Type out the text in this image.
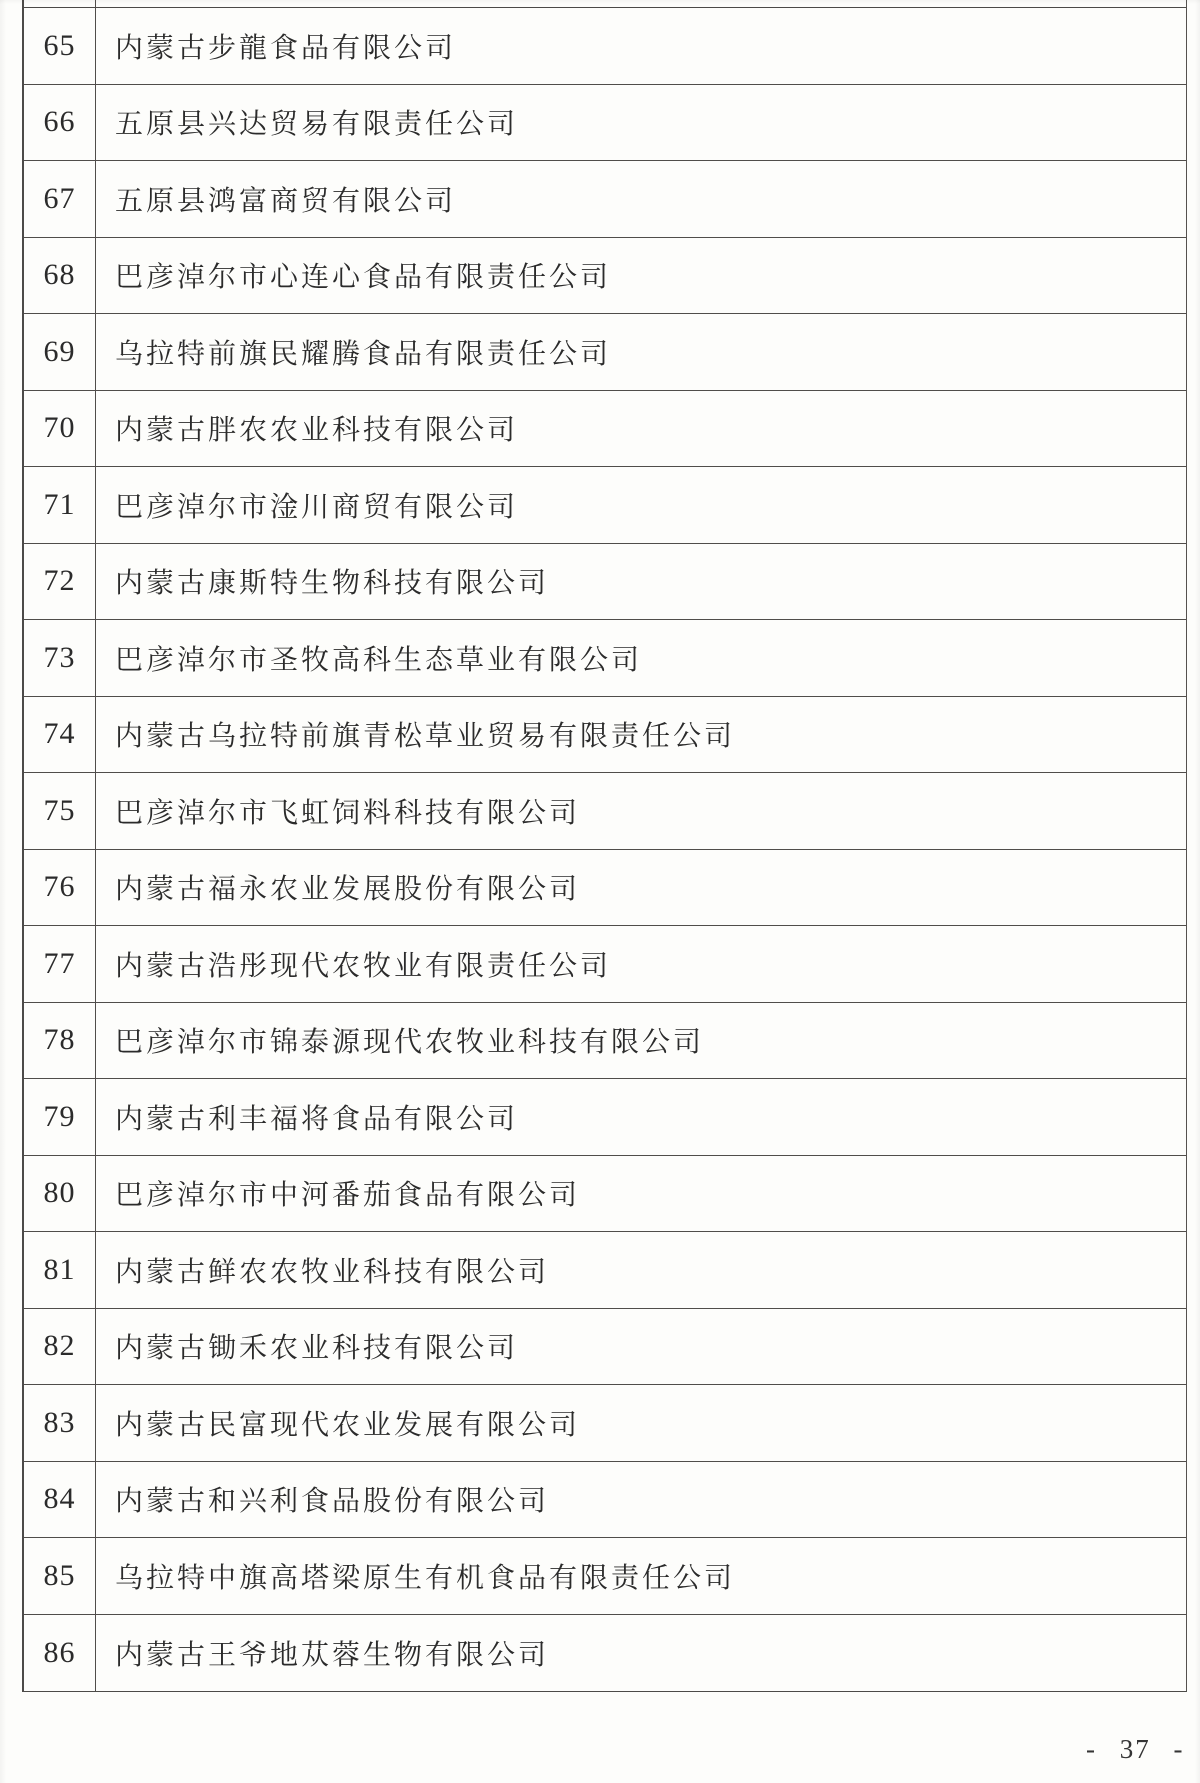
65	内蒙古步龍食品有限公司
66	五原县兴达贸易有限责任公司
67	五原县鸿富商贸有限公司
68	巴彦淖尔市心连心食品有限责任公司
69	乌拉特前旗民耀腾食品有限责任公司
70	内蒙古胖农农业科技有限公司
71	巴彦淖尔市淦川商贸有限公司
72	内蒙古康斯特生物科技有限公司
73	巴彦淖尔市圣牧高科生态草业有限公司
74	内蒙古乌拉特前旗青松草业贸易有限责任公司
75	巴彦淖尔市飞虹饲料科技有限公司
76	内蒙古福永农业发展股份有限公司
77	内蒙古浩彤现代农牧业有限责任公司
78	巴彦淖尔市锦泰源现代农牧业科技有限公司
79	内蒙古利丰福将食品有限公司
80	巴彦淖尔市中河番茄食品有限公司
81	内蒙古鲜农农牧业科技有限公司
82	内蒙古锄禾农业科技有限公司
83	内蒙古民富现代农业发展有限公司
84	内蒙古和兴利食品股份有限公司
85	乌拉特中旗高塔梁原生有机食品有限责任公司
86	内蒙古王爷地苁蓉生物有限公司
- 37 -
